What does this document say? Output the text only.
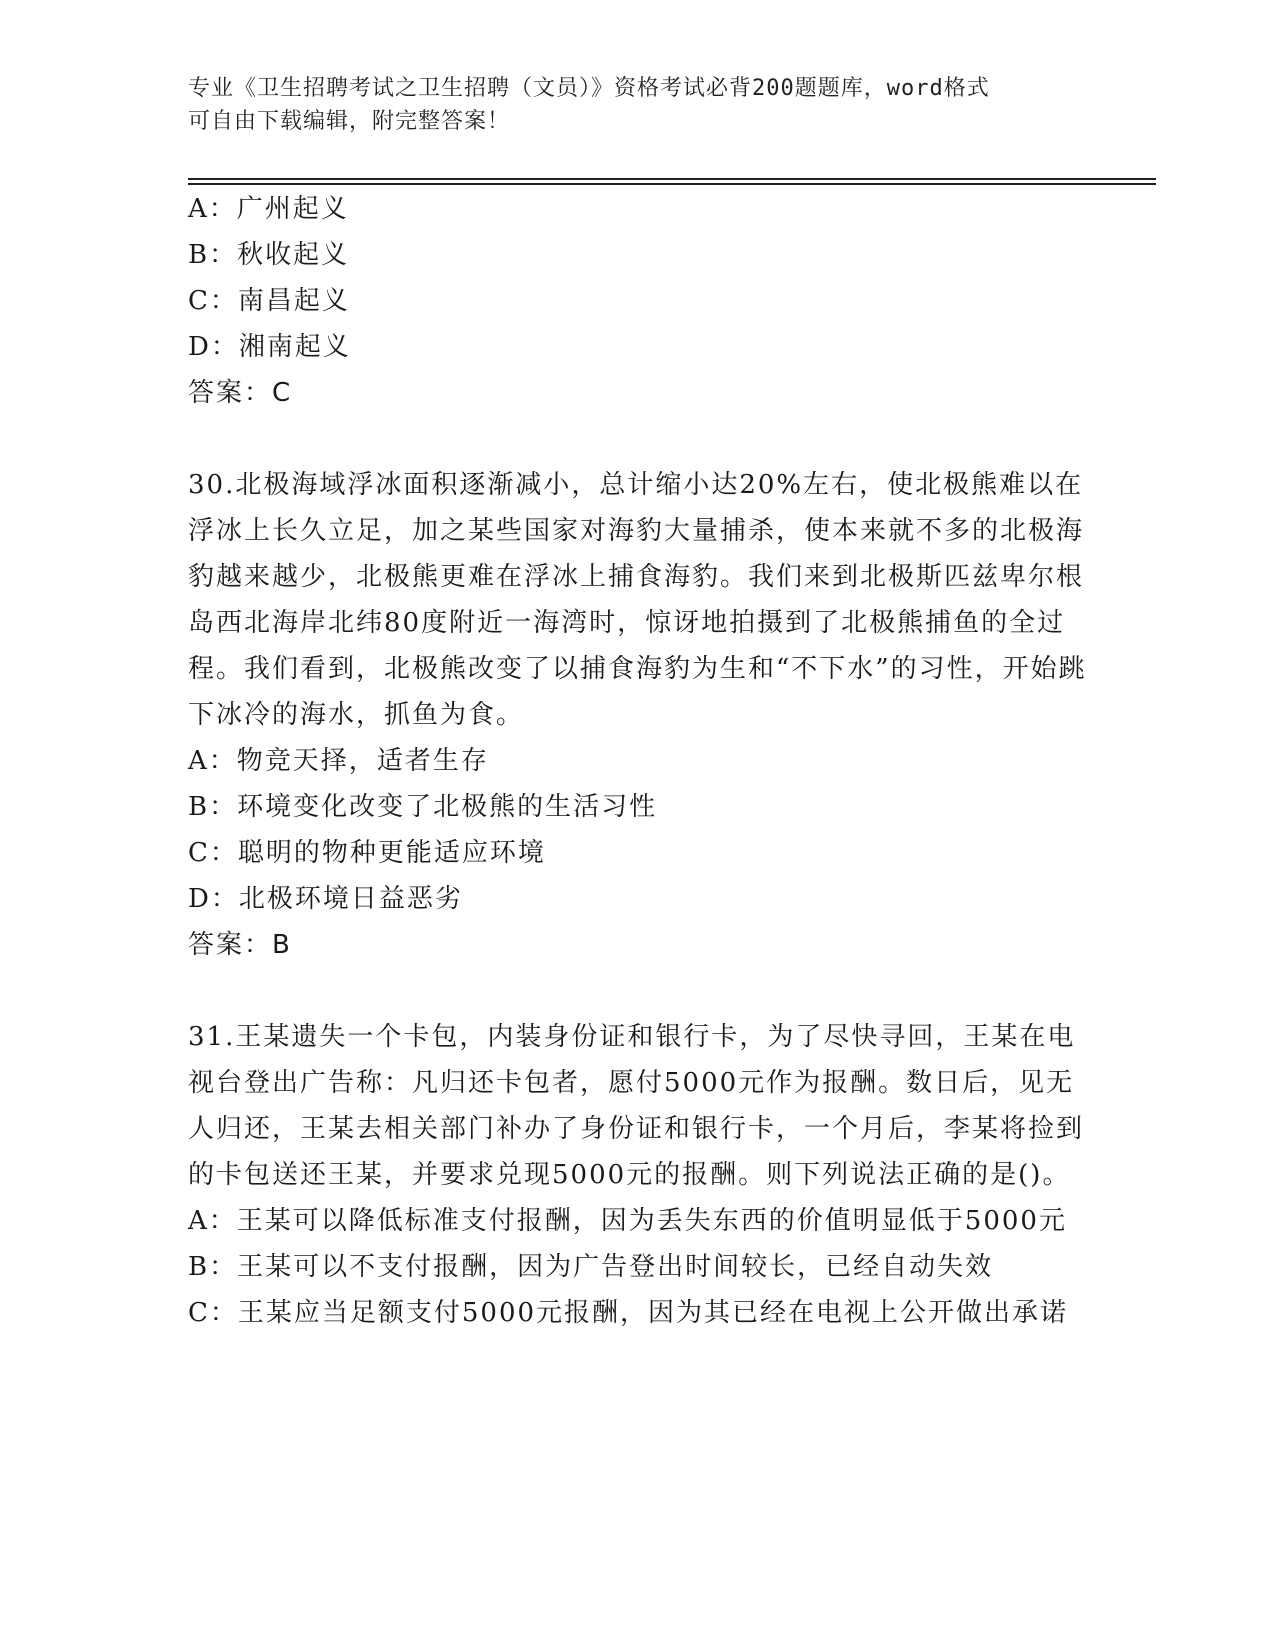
专业《卫生招聘考试之卫生招聘（文员）》资格考试必背200题题库，word格式
可自由下载编辑，附完整答案！
A：广州起义
B：秋收起义
C：南昌起义
D：湘南起义
答案：C
30.北极海域浮冰面积逐渐减小，总计缩小达20%左右，使北极熊难以在浮冰上长久立足，加之某些国家对海豹大量捕杀，使本来就不多的北极海豹越来越少，北极熊更难在浮冰上捕食海豹。我们来到北极斯匹兹卑尔根岛西北海岸北纬80度附近一海湾时，惊讶地拍摄到了北极熊捕鱼的全过程。我们看到，北极熊改变了以捕食海豹为生和“不下水”的习性，开始跳下冰冷的海水，抓鱼为食。
A：物竞天择，适者生存
B：环境变化改变了北极熊的生活习性
C：聪明的物种更能适应环境
D：北极环境日益恶劣
答案：B
31.王某遗失一个卡包，内装身份证和银行卡，为了尽快寻回，王某在电视台登出广告称：凡归还卡包者，愿付5000元作为报酬。数日后，见无人归还，王某去相关部门补办了身份证和银行卡，一个月后，李某将捡到的卡包送还王某，并要求兑现5000元的报酬。则下列说法正确的是()。
A：王某可以降低标准支付报酬，因为丢失东西的价值明显低于5000元
B：王某可以不支付报酬，因为广告登出时间较长，已经自动失效
C：王某应当足额支付5000元报酬，因为其已经在电视上公开做出承诺
